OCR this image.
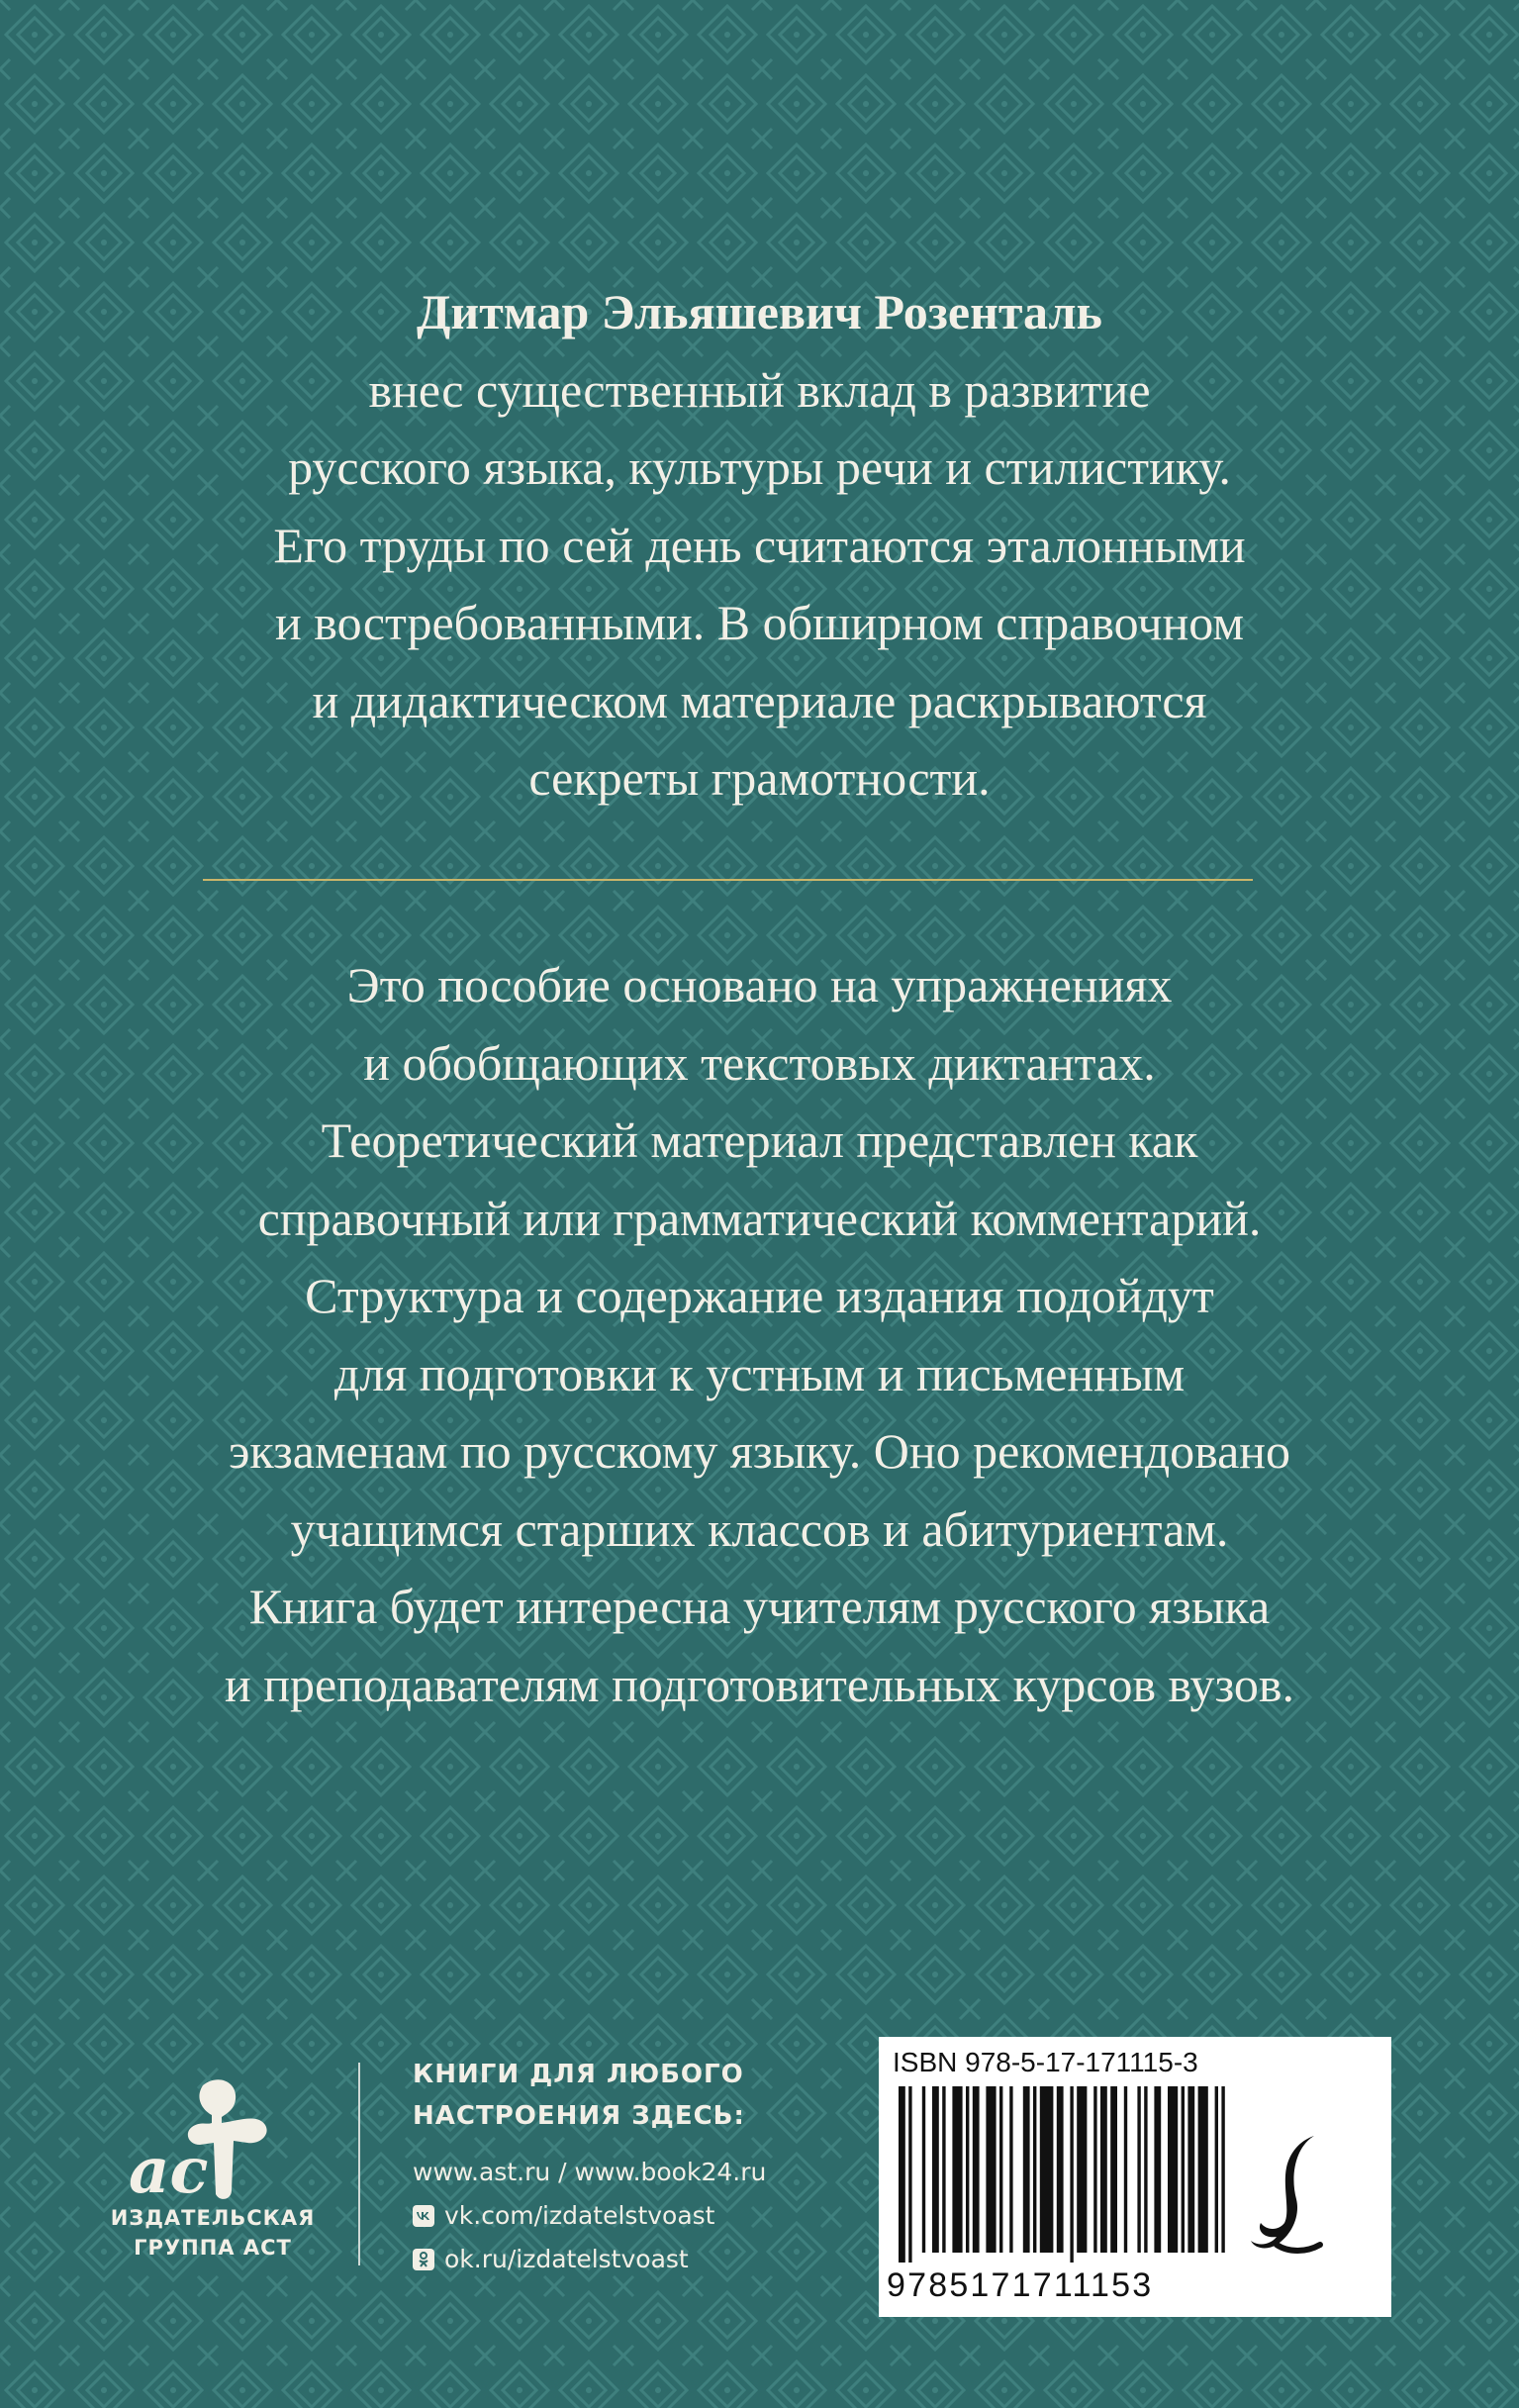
Дитмар Эльяшевич Розенталь
внес существенный вклад в развитие
русского языка, культуры речи и стилистику.
Его труды по сей день считаются эталонными
и востребованными. В обширном справочном
и дидактическом материале раскрываются
секреты грамотности.
Это пособие основано на упражнениях
и обобщающих текстовых диктантах.
Теоретический материал представлен как
справочный или грамматический комментарий.
Структура и содержание издания подойдут
для подготовки к устным и письменным
экзаменам по русскому языку. Оно рекомендовано
учащимся старших классов и абитуриентам.
Книга будет интересна учителям русского языка
и преподавателям подготовительных курсов вузов.
ac
ИЗДАТЕЛЬСКАЯ
ГРУППА АСТ
КНИГИ ДЛЯ ЛЮБОГО
НАСТРОЕНИЯ ЗДЕСЬ:
www.ast.ru / www.book24.ru
vk.com/izdatelstvoast
ok.ru/izdatelstvoast
ISBN 978-5-17-171115-3
9785171711153
